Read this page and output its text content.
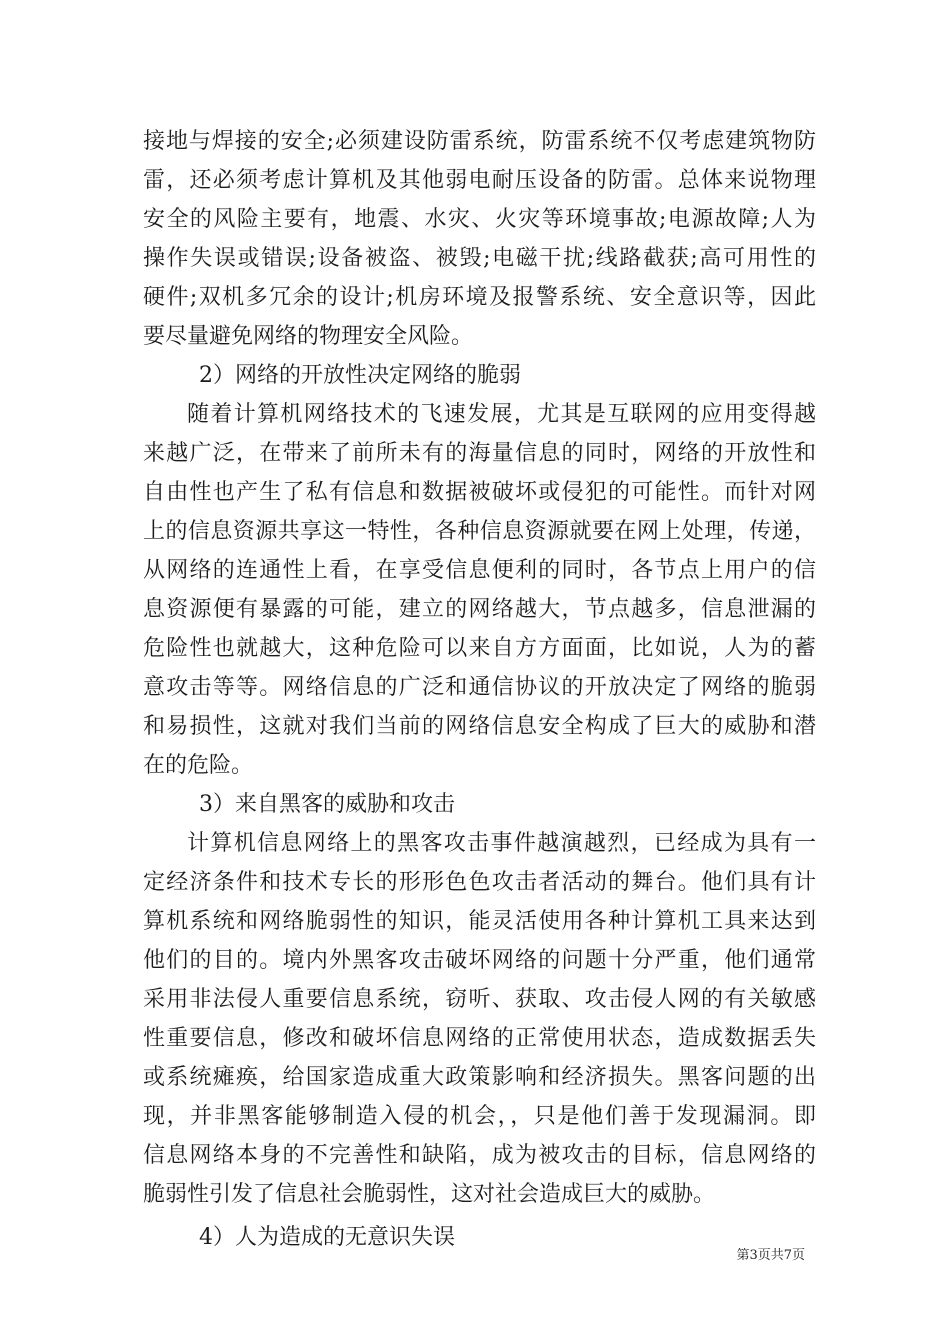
接地与焊接的安全;必须建设防雷系统，防雷系统不仅考虑建筑物防
雷，还必须考虑计算机及其他弱电耐压设备的防雷。总体来说物理
安全的风险主要有，地震、水灾、火灾等环境事故;电源故障;人为
操作失误或错误;设备被盗、被毁;电磁干扰;线路截获;高可用性的
硬件;双机多冗余的设计;机房环境及报警系统、安全意识等，因此
要尽量避免网络的物理安全风险。
2）网络的开放性决定网络的脆弱
随着计算机网络技术的飞速发展，尤其是互联网的应用变得越
来越广泛，在带来了前所未有的海量信息的同时，网络的开放性和
自由性也产生了私有信息和数据被破坏或侵犯的可能性。而针对网
上的信息资源共享这一特性，各种信息资源就要在网上处理，传递，
从网络的连通性上看，在享受信息便利的同时，各节点上用户的信
息资源便有暴露的可能，建立的网络越大，节点越多，信息泄漏的
危险性也就越大，这种危险可以来自方方面面，比如说，人为的蓄
意攻击等等。网络信息的广泛和通信协议的开放决定了网络的脆弱
和易损性，这就对我们当前的网络信息安全构成了巨大的威胁和潜
在的危险。
3）来自黑客的威胁和攻击
计算机信息网络上的黑客攻击事件越演越烈，已经成为具有一
定经济条件和技术专长的形形色色攻击者活动的舞台。他们具有计
算机系统和网络脆弱性的知识，能灵活使用各种计算机工具来达到
他们的目的。境内外黑客攻击破坏网络的问题十分严重，他们通常
采用非法侵人重要信息系统，窃听、获取、攻击侵人网的有关敏感
性重要信息，修改和破坏信息网络的正常使用状态，造成数据丢失
或系统瘫痪，给国家造成重大政策影响和经济损失。黑客问题的出
现，并非黑客能够制造入侵的机会，，只是他们善于发现漏洞。即
信息网络本身的不完善性和缺陷，成为被攻击的目标，信息网络的
脆弱性引发了信息社会脆弱性，这对社会造成巨大的威胁。
4）人为造成的无意识失误
第3页共7页
